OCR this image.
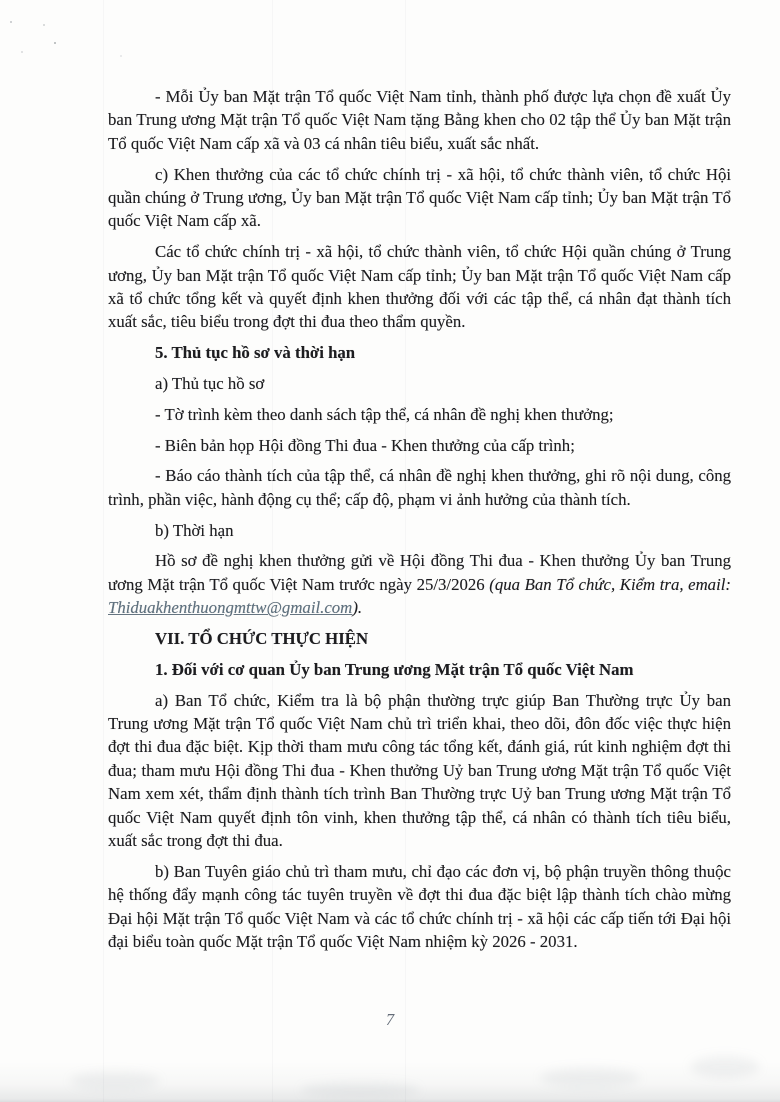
- Mỗi Ủy ban Mặt trận Tổ quốc Việt Nam tỉnh, thành phố được lựa chọn đề xuất Ủy ban Trung ương Mặt trận Tổ quốc Việt Nam tặng Bằng khen cho 02 tập thể Ủy ban Mặt trận Tổ quốc Việt Nam cấp xã và 03 cá nhân tiêu biểu, xuất sắc nhất.

c) Khen thưởng của các tổ chức chính trị - xã hội, tổ chức thành viên, tổ chức Hội quần chúng ở Trung ương, Ủy ban Mặt trận Tổ quốc Việt Nam cấp tỉnh; Ủy ban Mặt trận Tổ quốc Việt Nam cấp xã.

Các tổ chức chính trị - xã hội, tổ chức thành viên, tổ chức Hội quần chúng ở Trung ương, Ủy ban Mặt trận Tổ quốc Việt Nam cấp tỉnh; Ủy ban Mặt trận Tổ quốc Việt Nam cấp xã tổ chức tổng kết và quyết định khen thưởng đối với các tập thể, cá nhân đạt thành tích xuất sắc, tiêu biểu trong đợt thi đua theo thẩm quyền.

5. Thủ tục hồ sơ và thời hạn

a) Thủ tục hồ sơ

- Tờ trình kèm theo danh sách tập thể, cá nhân đề nghị khen thưởng;

- Biên bản họp Hội đồng Thi đua - Khen thưởng của cấp trình;

- Báo cáo thành tích của tập thể, cá nhân đề nghị khen thưởng, ghi rõ nội dung, công trình, phần việc, hành động cụ thể; cấp độ, phạm vi ảnh hưởng của thành tích.

b) Thời hạn

Hồ sơ đề nghị khen thưởng gửi về Hội đồng Thi đua - Khen thưởng Ủy ban Trung ương Mặt trận Tổ quốc Việt Nam trước ngày 25/3/2026 (qua Ban Tổ chức, Kiểm tra, email: Thiduakhenthuongmttw@gmail.com).

VII. TỔ CHỨC THỰC HIỆN

1. Đối với cơ quan Ủy ban Trung ương Mặt trận Tổ quốc Việt Nam

a) Ban Tổ chức, Kiểm tra là bộ phận thường trực giúp Ban Thường trực Ủy ban Trung ương Mặt trận Tổ quốc Việt Nam chủ trì triển khai, theo dõi, đôn đốc việc thực hiện đợt thi đua đặc biệt. Kịp thời tham mưu công tác tổng kết, đánh giá, rút kinh nghiệm đợt thi đua; tham mưu Hội đồng Thi đua - Khen thưởng Uỷ ban Trung ương Mặt trận Tổ quốc Việt Nam xem xét, thẩm định thành tích trình Ban Thường trực Uỷ ban Trung ương Mặt trận Tổ quốc Việt Nam quyết định tôn vinh, khen thưởng tập thể, cá nhân có thành tích tiêu biểu, xuất sắc trong đợt thi đua.

b) Ban Tuyên giáo chủ trì tham mưu, chỉ đạo các đơn vị, bộ phận truyền thông thuộc hệ thống đẩy mạnh công tác tuyên truyền về đợt thi đua đặc biệt lập thành tích chào mừng Đại hội Mặt trận Tổ quốc Việt Nam và các tổ chức chính trị - xã hội các cấp tiến tới Đại hội đại biểu toàn quốc Mặt trận Tổ quốc Việt Nam nhiệm kỳ 2026 - 2031.

7
